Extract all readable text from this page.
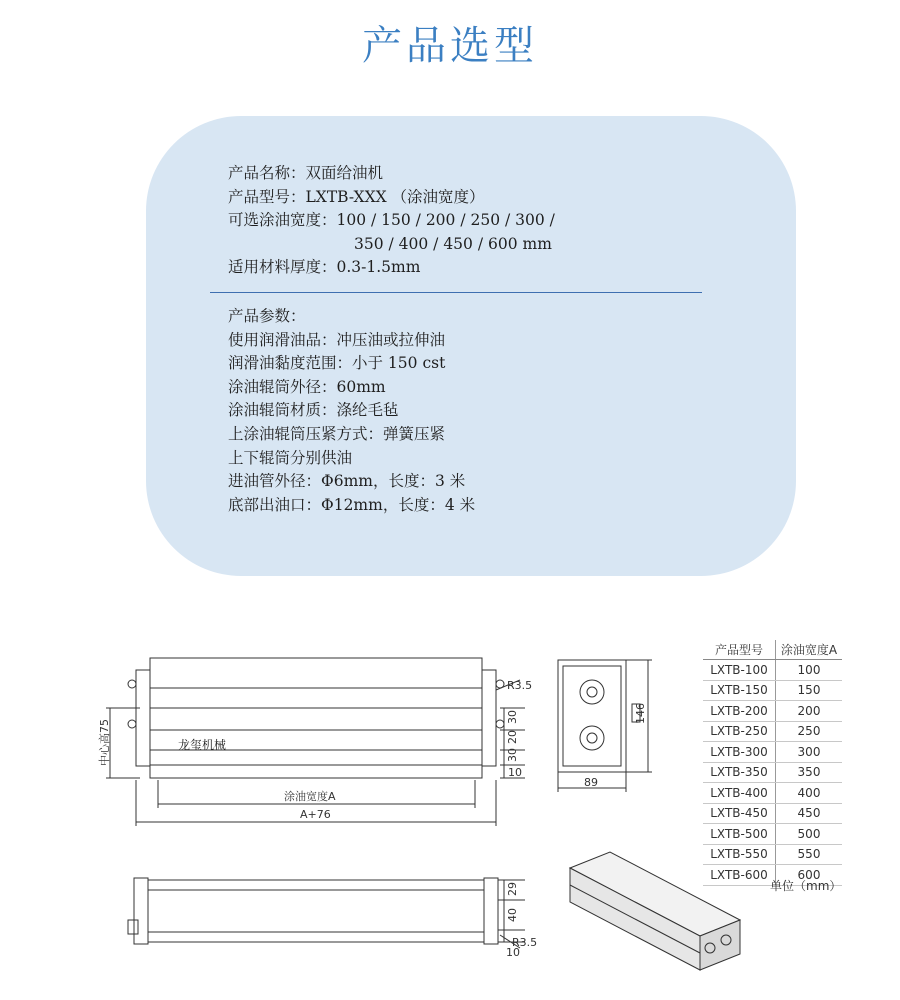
产品选型
产品名称：双面给油机
产品型号：LXTB-XXX （涂油宽度）
可选涂油宽度：100 / 150 / 200 / 250 / 300 /
350 / 400 / 450 / 600 mm
适用材料厚度：0.3-1.5mm
产品参数：
使用润滑油品：冲压油或拉伸油
润滑油黏度范围：小于 150 cst
涂油辊筒外径：60mm
涂油辊筒材质：涤纶毛毡
上涂油辊筒压紧方式：弹簧压紧
上下辊筒分别供油
进油管外径：Φ6mm，长度：3 米
底部出油口：Φ12mm，长度：4 米
龙玺机械
中心高75
R3.5
30
20
30
10
涂油宽度A
A+76
146
89
29
40
10
R3.5
产品型号	涂油宽度A
LXTB-100	100
LXTB-150	150
LXTB-200	200
LXTB-250	250
LXTB-300	300
LXTB-350	350
LXTB-400	400
LXTB-450	450
LXTB-500	500
LXTB-550	550
LXTB-600	600
单位（mm）
